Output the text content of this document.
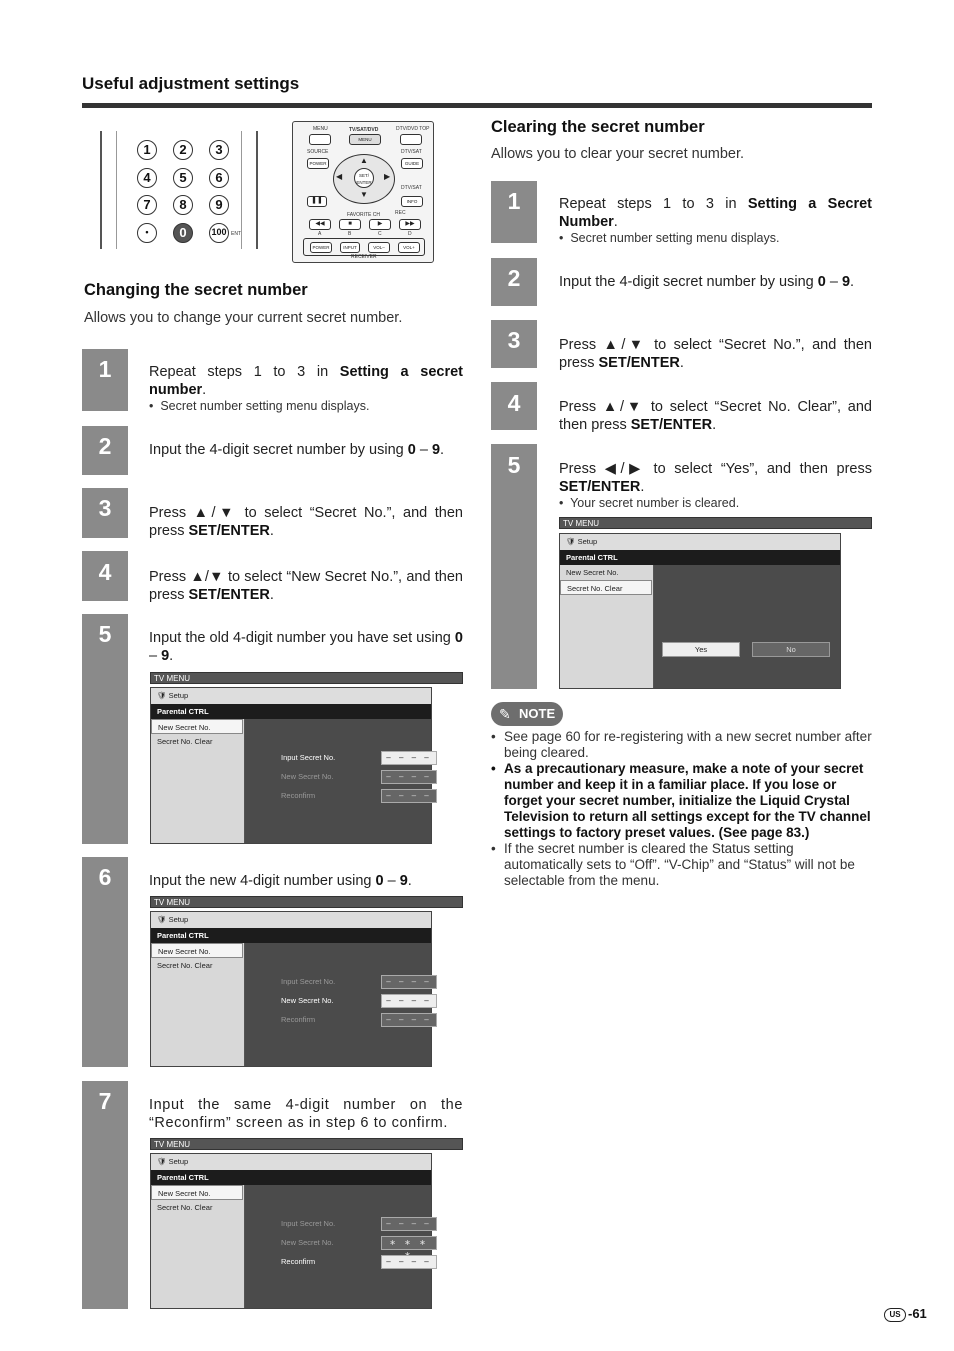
Useful adjustment settings
1	2	3
4	5	6
7	8	9
•	0	100 ENT
MENU	TV/SAT/DVD	DTV/DVD TOP
MENU
SOURCE	DTV/SAT
POWER	GUIDE
SET/ ENTER
▲
▼
◀	▶
DTV/SAT
❚❚	INFO
FAVORITE CH	REC
◀◀	■	▶	▶▶
A	B	C	D
POWER	INPUT	VOL–	VOL+
RECEIVER
Changing the secret number
Allows you to change your current secret number.
1
2
3
4
5
6
7
Repeat steps 1 to 3 in Setting a secret number.
•  Secret number setting menu displays.
Input the 4-digit secret number by using 0 – 9.
Press ▲/▼ to select “Secret No.”, and then press SET/ENTER.
Press ▲/▼ to select “New Secret No.”, and then press SET/ENTER.
Input the old 4-digit number you have set using 0 – 9.
Input the new 4-digit number using 0 – 9.
Input the same 4-digit number on the “Reconfirm” screen as in step 6 to confirm.
TV MENU
🛡 Setup
Parental CTRL
New Secret No.
Secret No. Clear
Input Secret No.	– – – –
New Secret No.	– – – –
Reconfirm	– – – –
TV MENU
🛡 Setup
Parental CTRL
New Secret No.
Secret No. Clear
Input Secret No.	– – – –
New Secret No.	– – – –
Reconfirm	– – – –
TV MENU
🛡 Setup
Parental CTRL
New Secret No.
Secret No. Clear
Input Secret No.	– – – –
New Secret No.	∗ ∗ ∗
Reconfirm	– – – –
Clearing the secret number
Allows you to clear your secret number.
1
2
3
4
5
Repeat steps 1 to 3 in Setting a Secret Number.
•  Secret number setting menu displays.
Input the 4-digit secret number by using 0 – 9.
Press ▲/▼ to select “Secret No.”, and then press SET/ENTER.
Press ▲/▼ to select “Secret No. Clear”, and then press SET/ENTER.
Press ◀/▶ to select “Yes”, and then press SET/ENTER.
•  Your secret number is cleared.
TV MENU
🛡 Setup
Parental CTRL
New Secret No.
Secret No. Clear
Yes	No
✎ NOTE
• See page 60 for re-registering with a new secret number after being cleared.
• As a precautionary measure, make a note of your secret number and keep it in a familiar place. If you lose or forget your secret number, initialize the Liquid Crystal Television to return all settings except for the TV channel settings to factory preset values. (See page 83.)
• If the secret number is cleared the Status setting automatically sets to “Off”. “V-Chip” and “Status” will not be selectable from the menu.
US -61
